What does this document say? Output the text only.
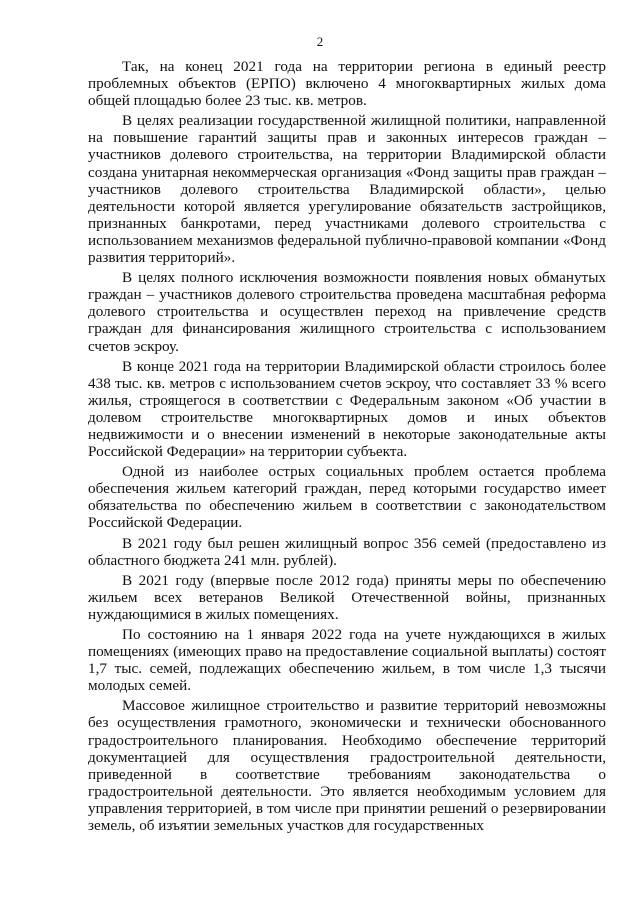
2

Так, на конец 2021 года на территории региона в единый реестр проблемных объектов (ЕРПО) включено 4 многоквартирных жилых дома общей площадью более 23 тыс. кв. метров.

В целях реализации государственной жилищной политики, направленной на повышение гарантий защиты прав и законных интересов граждан – участников долевого строительства, на территории Владимирской области создана унитарная некоммерческая организация «Фонд защиты прав граждан – участников долевого строительства Владимирской области», целью деятельности которой является урегулирование обязательств застройщиков, признанных банкротами, перед участниками долевого строительства с использованием механизмов федеральной публично-правовой компании «Фонд развития территорий».

В целях полного исключения возможности появления новых обманутых граждан – участников долевого строительства проведена масштабная реформа долевого строительства и осуществлен переход на привлечение средств граждан для финансирования жилищного строительства с использованием счетов эскроу.

В конце 2021 года на территории Владимирской области строилось более 438 тыс. кв. метров с использованием счетов эскроу, что составляет 33 % всего жилья, строящегося в соответствии с Федеральным законом «Об участии в долевом строительстве многоквартирных домов и иных объектов недвижимости и о внесении изменений в некоторые законодательные акты Российской Федерации» на территории субъекта.

Одной из наиболее острых социальных проблем остается проблема обеспечения жильем категорий граждан, перед которыми государство имеет обязательства по обеспечению жильем в соответствии с законодательством Российской Федерации.

В 2021 году был решен жилищный вопрос 356 семей (предоставлено из областного бюджета 241 млн. рублей).

В 2021 году (впервые после 2012 года) приняты меры по обеспечению жильем всех ветеранов Великой Отечественной войны, признанных нуждающимися в жилых помещениях.

По состоянию на 1 января 2022 года на учете нуждающихся в жилых помещениях (имеющих право на предоставление социальной выплаты) состоят 1,7 тыс. семей, подлежащих обеспечению жильем, в том числе 1,3 тысячи молодых семей.

Массовое жилищное строительство и развитие территорий невозможны без осуществления грамотного, экономически и технически обоснованного градостроительного планирования. Необходимо обеспечение территорий документацией для осуществления градостроительной деятельности, приведенной в соответствие требованиям законодательства о градостроительной деятельности. Это является необходимым условием для управления территорией, в том числе при принятии решений о резервировании земель, об изъятии земельных участков для государственных
